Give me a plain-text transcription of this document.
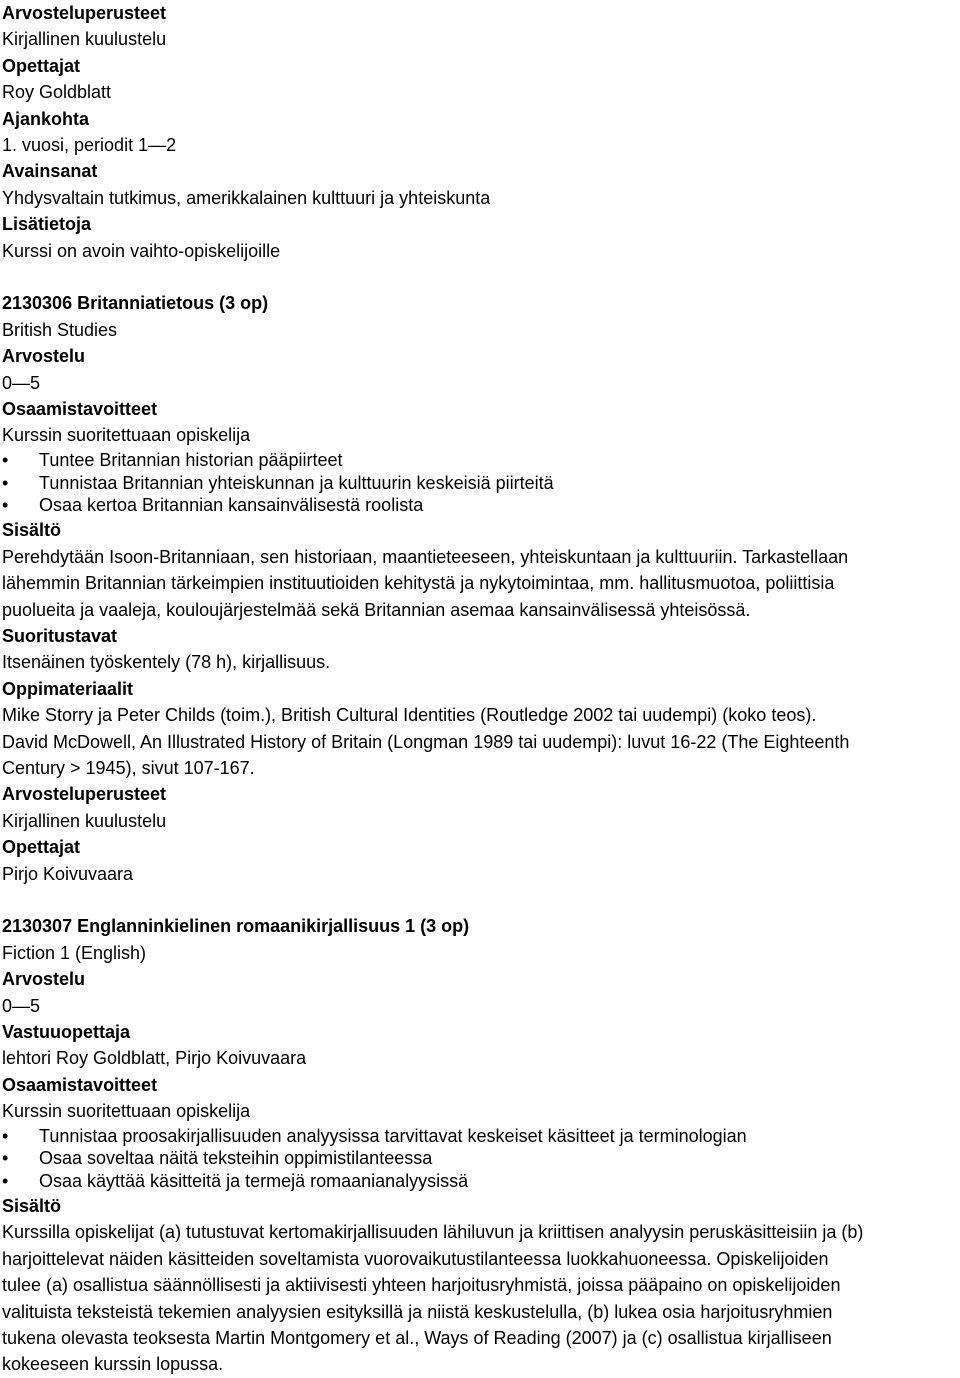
Arvosteluperusteet
Kirjallinen kuulustelu
Opettajat
Roy Goldblatt
Ajankohta
1. vuosi, periodit 1—2
Avainsanat
Yhdysvaltain tutkimus, amerikkalainen kulttuuri ja yhteiskunta
Lisätietoja
Kurssi on avoin vaihto-opiskelijoille
2130306 Britanniatietous (3 op)
British Studies
Arvostelu
0—5
Osaamistavoitteet
Kurssin suoritettuaan opiskelija
• Tuntee Britannian historian pääpiirteet
• Tunnistaa Britannian yhteiskunnan ja kulttuurin keskeisiä piirteitä
• Osaa kertoa Britannian kansainvälisestä roolista
Sisältö
Perehdytään Isoon-Britanniaan, sen historiaan, maantieteeseen, yhteiskuntaan ja kulttuuriin. Tarkastellaan
lähemmin Britannian tärkeimpien instituutioiden kehitystä ja nykytoimintaa, mm. hallitusmuotoa, poliittisia
puolueita ja vaaleja, kouloujärjestelmää sekä Britannian asemaa kansainvälisessä yhteisössä.
Suoritustavat
Itsenäinen työskentely (78 h), kirjallisuus.
Oppimateriaalit
Mike Storry ja Peter Childs (toim.), British Cultural Identities (Routledge 2002 tai uudempi) (koko teos).
David McDowell, An Illustrated History of Britain (Longman 1989 tai uudempi): luvut 16-22 (The Eighteenth
Century > 1945), sivut 107-167.
Arvosteluperusteet
Kirjallinen kuulustelu
Opettajat
Pirjo Koivuvaara
2130307 Englanninkielinen romaanikirjallisuus 1 (3 op)
Fiction 1 (English)
Arvostelu
0—5
Vastuuopettaja
lehtori Roy Goldblatt, Pirjo Koivuvaara
Osaamistavoitteet
Kurssin suoritettuaan opiskelija
• Tunnistaa proosakirjallisuuden analyysissa tarvittavat keskeiset käsitteet ja terminologian
• Osaa soveltaa näitä teksteihin oppimistilanteessa
• Osaa käyttää käsitteitä ja termejä romaanianalyysissä
Sisältö
Kurssilla opiskelijat (a) tutustuvat kertomakirjallisuuden lähiluvun ja kriittisen analyysin peruskäsitteisiin ja (b)
harjoittelevat näiden käsitteiden soveltamista vuorovaikutustilanteessa luokkahuoneessa. Opiskelijoiden
tulee (a) osallistua säännöllisesti ja aktiivisesti yhteen harjoitusryhmistä, joissa pääpaino on opiskelijoiden
valituista teksteistä tekemien analyysien esityksillä ja niistä keskustelulla, (b) lukea osia harjoitusryhmien
tukena olevasta teoksesta Martin Montgomery et al., Ways of Reading (2007) ja (c) osallistua kirjalliseen
kokeeseen kurssin lopussa.
